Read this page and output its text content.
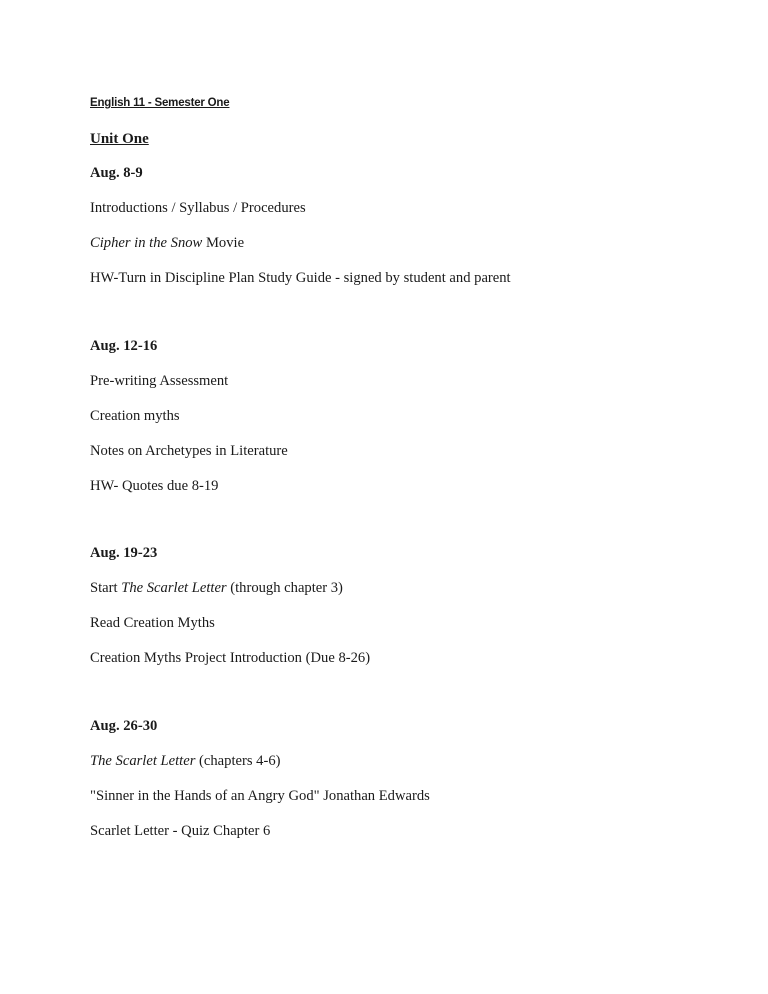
English 11 - Semester One
Unit One
Aug. 8-9
Introductions / Syllabus / Procedures
Cipher in the Snow Movie
HW-Turn in Discipline Plan Study Guide - signed by student and parent
Aug. 12-16
Pre-writing Assessment
Creation myths
Notes on Archetypes in Literature
HW- Quotes due 8-19
Aug. 19-23
Start The Scarlet Letter (through chapter 3)
Read Creation Myths
Creation Myths Project Introduction (Due 8-26)
Aug. 26-30
The Scarlet Letter (chapters 4-6)
"Sinner in the Hands of an Angry God" Jonathan Edwards
Scarlet Letter - Quiz Chapter 6
